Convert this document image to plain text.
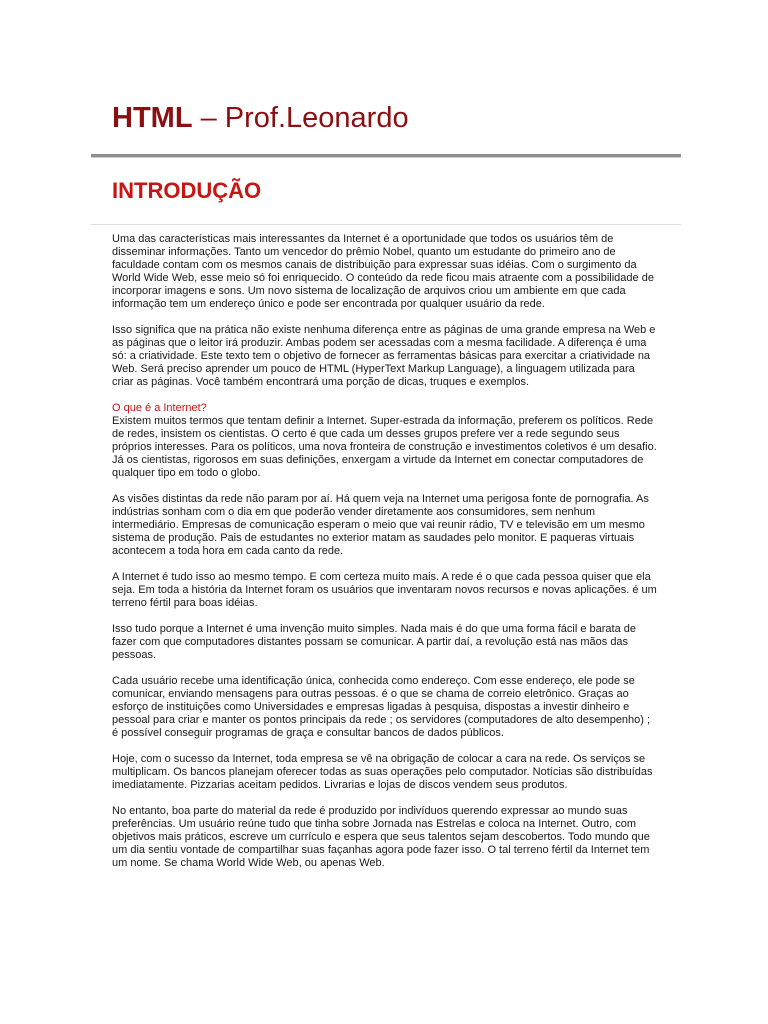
HTML – Prof.Leonardo
INTRODUÇÃO

Uma das características mais interessantes da Internet é a oportunidade que todos os usuários têm de disseminar informações. Tanto um vencedor do prêmio Nobel, quanto um estudante do primeiro ano de faculdade contam com os mesmos canais de distribuição para expressar suas idéias. Com o surgimento da World Wide Web, esse meio só foi enriquecido. O conteúdo da rede ficou mais atraente com a possibilidade de incorporar imagens e sons. Um novo sistema de localização de arquivos criou um ambiente em que cada informação tem um endereço único e pode ser encontrada por qualquer usuário da rede.

Isso significa que na prática não existe nenhuma diferença entre as páginas de uma grande empresa na Web e as páginas que o leitor irá produzir. Ambas podem ser acessadas com a mesma facilidade. A diferença é uma só: a criatividade. Este texto tem o objetivo de fornecer as ferramentas básicas para exercitar a criatividade na Web. Será preciso aprender um pouco de HTML (HyperText Markup Language), a linguagem utilizada para criar as páginas. Você também encontrará uma porção de dicas, truques e exemplos.

O que é a Internet?

Existem muitos termos que tentam definir a Internet. Super-estrada da informação, preferem os políticos. Rede de redes, insistem os cientistas. O certo é que cada um desses grupos prefere ver a rede segundo seus próprios interesses. Para os políticos, uma nova fronteira de construção e investimentos coletivos é um desafio. Já os cientistas, rigorosos em suas definições, enxergam a virtude da Internet em conectar computadores de qualquer tipo em todo o globo.

As visões distintas da rede não param por aí. Há quem veja na Internet uma perigosa fonte de pornografia. As indústrias sonham com o dia em que poderão vender diretamente aos consumidores, sem nenhum intermediário. Empresas de comunicação esperam o meio que vai reunir rádio, TV e televisão em um mesmo sistema de produção. Pais de estudantes no exterior matam as saudades pelo monitor. E paqueras virtuais acontecem a toda hora em cada canto da rede.

A Internet é tudo isso ao mesmo tempo. E com certeza muito mais. A rede é o que cada pessoa quiser que ela seja. Em toda a história da Internet foram os usuários que inventaram novos recursos e novas aplicações. é um terreno fértil para boas idéias.

Isso tudo porque a Internet é uma invenção muito simples. Nada mais é do que uma forma fácil e barata de fazer com que computadores distantes possam se comunicar. A partir daí, a revolução está nas mãos das pessoas.

Cada usuário recebe uma identificação única, conhecida como endereço. Com esse endereço, ele pode se comunicar, enviando mensagens para outras pessoas. é o que se chama de correio eletrônico. Graças ao esforço de instituições como Universidades e empresas ligadas à pesquisa, dispostas a investir dinheiro e pessoal para criar e manter os pontos principais da rede ; os servidores (computadores de alto desempenho) ; é possível conseguir programas de graça e consultar bancos de dados públicos.

Hoje, com o sucesso da Internet, toda empresa se vê na obrigação de colocar a cara na rede. Os serviços se multiplicam. Os bancos planejam oferecer todas as suas operações pelo computador. Notícias são distribuídas imediatamente. Pizzarias aceitam pedidos. Livrarias e lojas de discos vendem seus produtos.

No entanto, boa parte do material da rede é produzido por indivíduos querendo expressar ao mundo suas preferências. Um usuário reúne tudo que tinha sobre Jornada nas Estrelas e coloca na Internet. Outro, com objetivos mais práticos, escreve um currículo e espera que seus talentos sejam descobertos. Todo mundo que um dia sentiu vontade de compartilhar suas façanhas agora pode fazer isso. O tal terreno fértil da Internet tem um nome. Se chama World Wide Web, ou apenas Web.
